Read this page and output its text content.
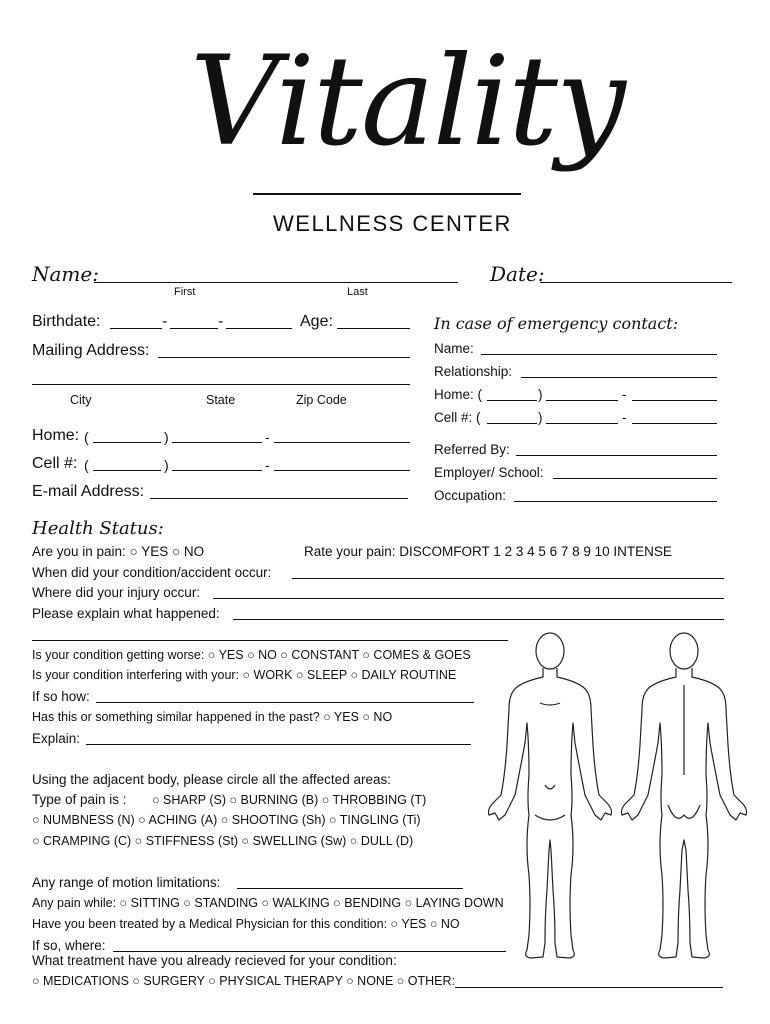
Vitality
WELLNESS CENTER
Name:
First	Last
Date:
Birthdate:	-	-	Age:
Mailing Address:
City	State	Zip Code
Home: (	)	-
Cell #: (	)	-
E-mail Address:
In case of emergency contact:
Name:
Relationship:
Home: (	)	-
Cell #: (	)	-
Referred By:
Employer/ School:
Occupation:
Health Status:
Are you in pain: ○ YES ○ NO	Rate your pain: DISCOMFORT 1 2 3 4 5 6 7 8 9 10 INTENSE
When did your condition/accident occur:
Where did your injury occur:
Please explain what happened:
Is your condition getting worse: ○ YES ○ NO ○ CONSTANT ○ COMES & GOES
Is your condition interfering with your: ○ WORK ○ SLEEP ○ DAILY ROUTINE
If so how:
Has this or something similar happened in the past? ○ YES ○ NO
Explain:
Using the adjacent body, please circle all the affected areas:
Type of pain is : ○ SHARP (S) ○ BURNING (B) ○ THROBBING (T)
○ NUMBNESS (N) ○ ACHING (A) ○ SHOOTING (Sh) ○ TINGLING (Ti)
○ CRAMPING (C) ○ STIFFNESS (St) ○ SWELLING (Sw) ○ DULL (D)
Any range of motion limitations:
Any pain while: ○ SITTING ○ STANDING ○ WALKING ○ BENDING ○ LAYING DOWN
Have you been treated by a Medical Physician for this condition: ○ YES ○ NO
If so, where:
What treatment have you already recieved for your condition:
○ MEDICATIONS ○ SURGERY ○ PHYSICAL THERAPY ○ NONE ○ OTHER:
